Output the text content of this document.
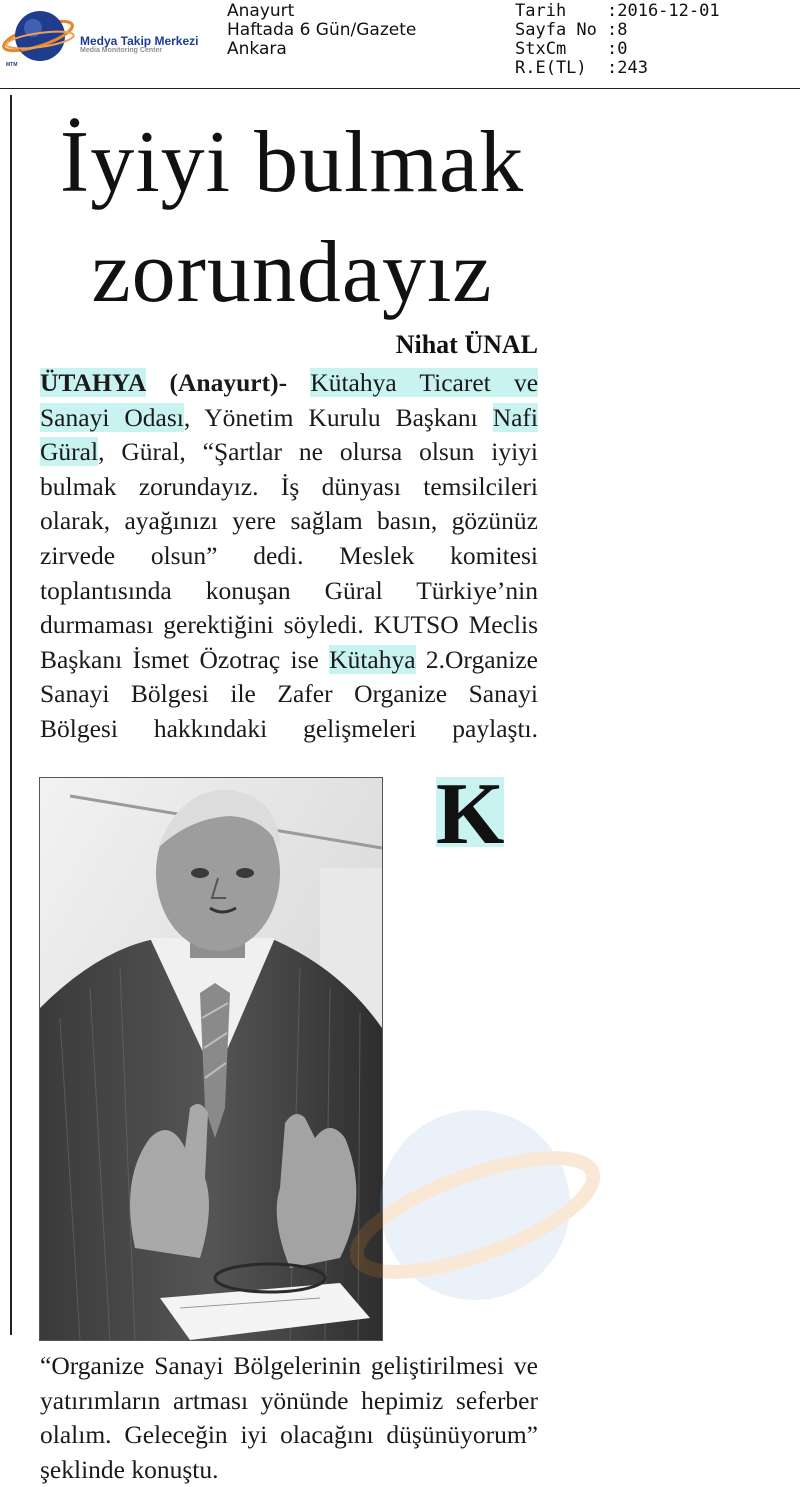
MTM
Medya Takip Merkezi
Media Monitoring Center
Anayurt
Haftada 6 Gün/Gazete
Ankara
Tarih	:2016-12-01
Sayfa No :8
StxCm	:0
R.E(TL)	:243
İyiyi bulmak
zorundayız
Nihat ÜNAL
K
ÜTAHYA (Anayurt)- Kütahya Ticaret ve Sanayi Odası, Yönetim Kurulu Başkanı Nafi Güral, Güral, “Şartlar ne olursa olsun iyiyi bulmak zorundayız. İş dünyası temsilcileri olarak, ayağınızı yere sağlam basın, gözünüz zirvede olsun” dedi. Meslek komitesi toplantısında konuşan Güral Türkiye’nin durmaması gerektiğini söyledi. KUTSO Meclis Başkanı İsmet Özotraç ise Kütahya 2.Organize Sanayi Bölgesi ile Zafer Organize Sanayi Bölgesi hakkındaki gelişmeleri paylaştı. “Organize Sanayi Bölgelerinin geliştirilmesi ve yatırımların artması yönünde hepimiz seferber olalım. Geleceğin iyi olacağını düşünüyorum” şeklinde konuştu.
